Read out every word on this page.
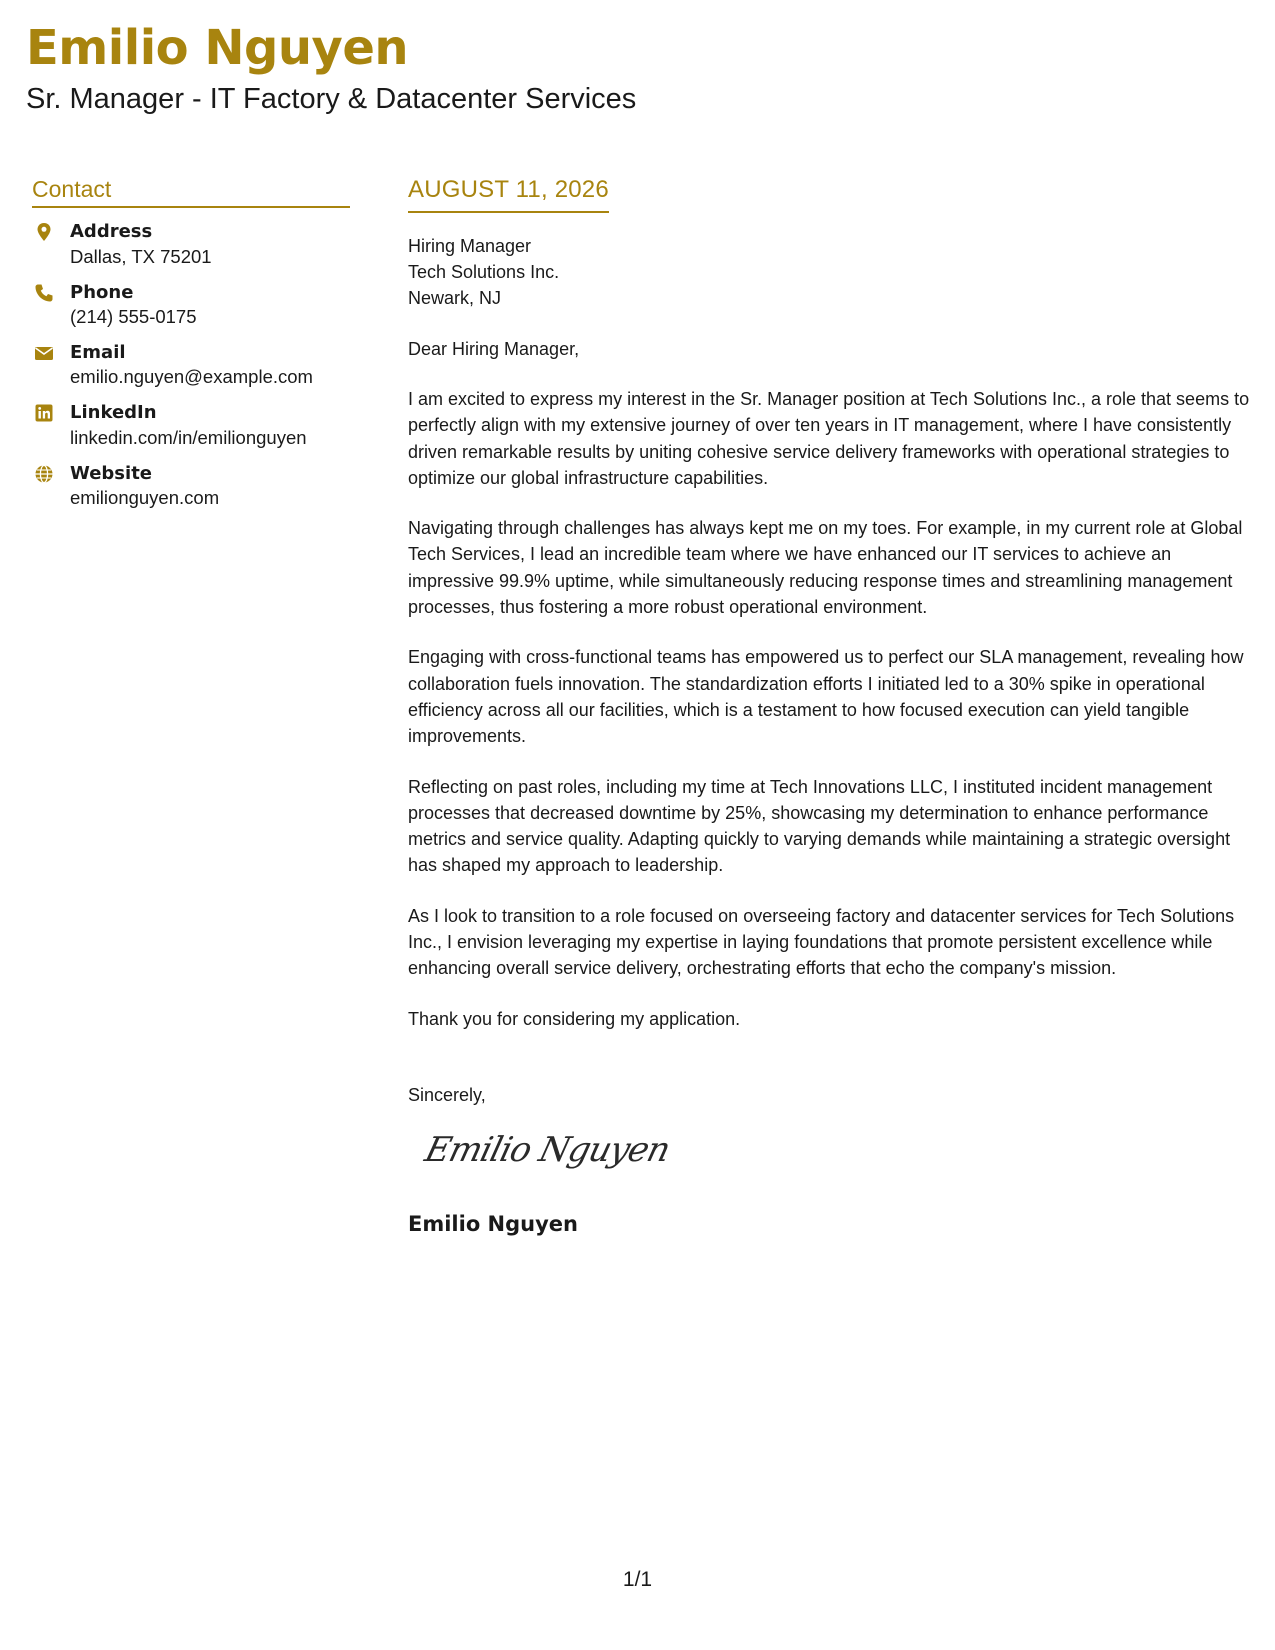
Emilio Nguyen
Sr. Manager - IT Factory & Datacenter Services
Contact
Address
Dallas, TX 75201
Phone
(214) 555-0175
Email
emilio.nguyen@example.com
LinkedIn
linkedin.com/in/emilionguyen
Website
emilionguyen.com
AUGUST 11, 2026
Hiring Manager
Tech Solutions Inc.
Newark, NJ
Dear Hiring Manager,

I am excited to express my interest in the Sr. Manager position at Tech Solutions Inc., a role that seems to perfectly align with my extensive journey of over ten years in IT management, where I have consistently driven remarkable results by uniting cohesive service delivery frameworks with operational strategies to optimize our global infrastructure capabilities.

Navigating through challenges has always kept me on my toes. For example, in my current role at Global Tech Services, I lead an incredible team where we have enhanced our IT services to achieve an impressive 99.9% uptime, while simultaneously reducing response times and streamlining management processes, thus fostering a more robust operational environment.

Engaging with cross-functional teams has empowered us to perfect our SLA management, revealing how collaboration fuels innovation. The standardization efforts I initiated led to a 30% spike in operational efficiency across all our facilities, which is a testament to how focused execution can yield tangible improvements.

Reflecting on past roles, including my time at Tech Innovations LLC, I instituted incident management processes that decreased downtime by 25%, showcasing my determination to enhance performance metrics and service quality. Adapting quickly to varying demands while maintaining a strategic oversight has shaped my approach to leadership.

As I look to transition to a role focused on overseeing factory and datacenter services for Tech Solutions Inc., I envision leveraging my expertise in laying foundations that promote persistent excellence while enhancing overall service delivery, orchestrating efforts that echo the company's mission.

Thank you for considering my application.

Sincerely,
Emilio Nguyen
Emilio Nguyen
1/1
